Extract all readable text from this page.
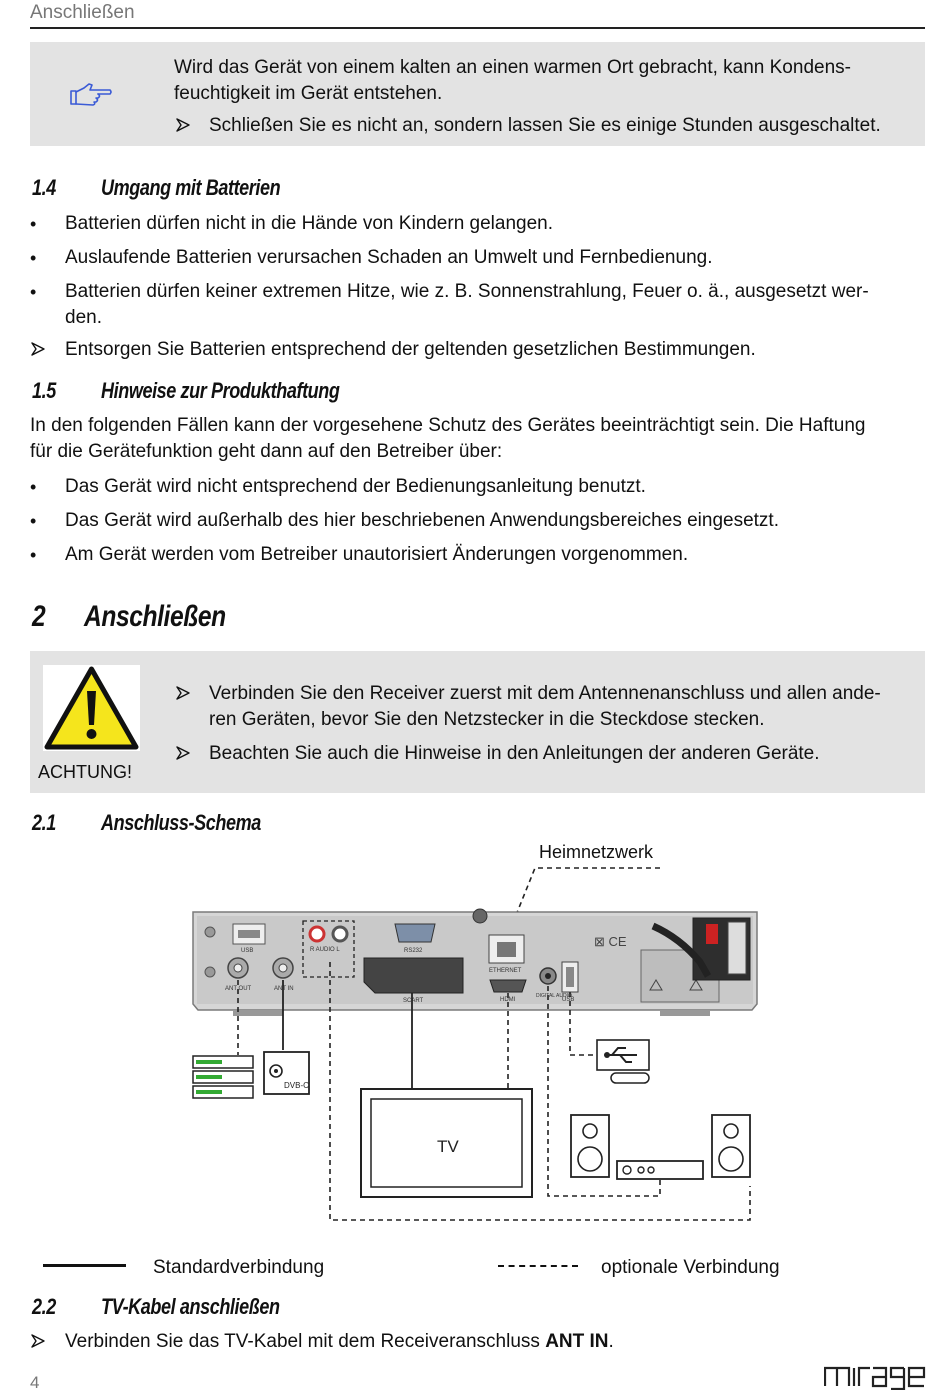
Anschließen
Wird das Gerät von einem kalten an einen warmen Ort gebracht, kann Kondens-
feuchtigkeit im Gerät entstehen.
Schließen Sie es nicht an, sondern lassen Sie es einige Stunden ausgeschaltet.
1.4 Umgang mit Batterien
• Batterien dürfen nicht in die Hände von Kindern gelangen.
• Auslaufende Batterien verursachen Schaden an Umwelt und Fernbedienung.
• Batterien dürfen keiner extremen Hitze, wie z. B. Sonnenstrahlung, Feuer o. ä., ausgesetzt wer-
den.
Entsorgen Sie Batterien entsprechend der geltenden gesetzlichen Bestimmungen.
1.5 Hinweise zur Produkthaftung
In den folgenden Fällen kann der vorgesehene Schutz des Gerätes beeinträchtigt sein. Die Haftung
für die Gerätefunktion geht dann auf den Betreiber über:
• Das Gerät wird nicht entsprechend der Bedienungsanleitung benutzt.
• Das Gerät wird außerhalb des hier beschriebenen Anwendungsbereiches eingesetzt.
• Am Gerät werden vom Betreiber unautorisiert Änderungen vorgenommen.
2 Anschließen
ACHTUNG!
Verbinden Sie den Receiver zuerst mit dem Antennenanschluss und allen ande-
ren Geräten, bevor Sie den Netzstecker in die Steckdose stecken.
Beachten Sie auch die Hinweise in den Anleitungen der anderen Geräte.
2.1 Anschluss-Schema
Heimnetzwerk
USB
ANT OUT	ANT IN
R AUDIO L	RS232
SCART
ETHERNET
HDMI
DIGITAL AUDIO
USB
⊠ CE
DVB-C
TV
Standardverbindung	optionale Verbindung
2.2 TV-Kabel anschließen
Verbinden Sie das TV-Kabel mit dem Receiveranschluss ANT IN.
4
